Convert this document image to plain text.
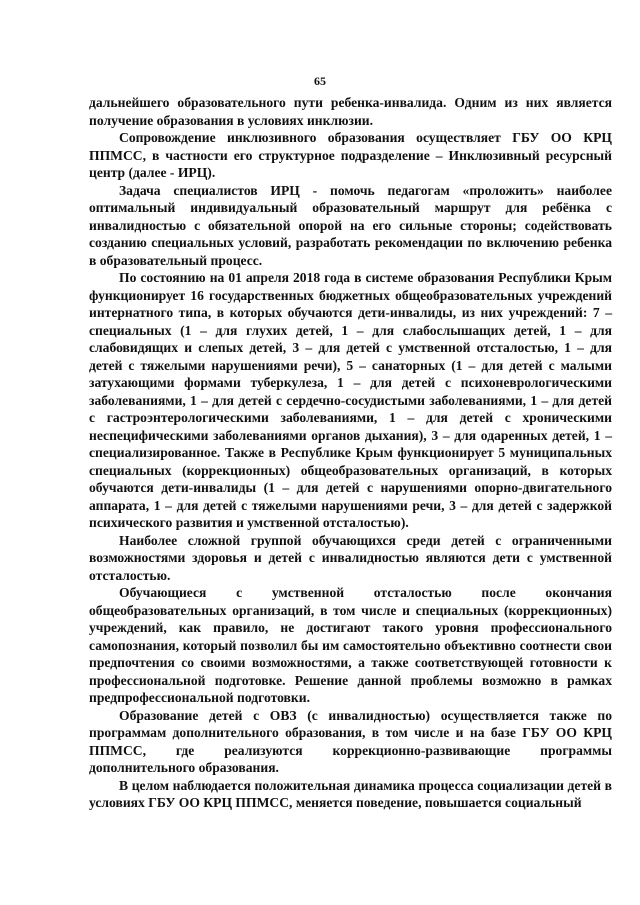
65

дальнейшего образовательного пути ребенка-инвалида. Одним из них является получение образования в условиях инклюзии.

Сопровождение инклюзивного образования осуществляет ГБУ ОО КРЦ ППМСС, в частности его структурное подразделение – Инклюзивный ресурсный центр (далее - ИРЦ).

Задача специалистов ИРЦ - помочь педагогам «проложить» наиболее оптимальный индивидуальный образовательный маршрут для ребёнка с инвалидностью с обязательной опорой на его сильные стороны; содействовать созданию специальных условий, разработать рекомендации по включению ребенка в образовательный процесс.

По состоянию на 01 апреля 2018 года в системе образования Республики Крым функционирует 16 государственных бюджетных общеобразовательных учреждений интернатного типа, в которых обучаются дети-инвалиды, из них учреждений: 7 – специальных (1 – для глухих детей, 1 – для слабослышащих детей, 1 – для слабовидящих и слепых детей, 3 – для детей с умственной отсталостью, 1 – для детей с тяжелыми нарушениями речи), 5 – санаторных (1 – для детей с малыми затухающими формами туберкулеза, 1 – для детей с психоневрологическими заболеваниями, 1 – для детей с сердечно-сосудистыми заболеваниями, 1 – для детей с гастроэнтерологическими заболеваниями, 1 – для детей с хроническими неспецифическими заболеваниями органов дыхания), 3 – для одаренных детей, 1 – специализированное. Также в Республике Крым функционирует 5 муниципальных специальных (коррекционных) общеобразовательных организаций, в которых обучаются дети-инвалиды (1 – для детей с нарушениями опорно-двигательного аппарата, 1 – для детей с тяжелыми нарушениями речи, 3 – для детей с задержкой психического развития и умственной отсталостью).

Наиболее сложной группой обучающихся среди детей с ограниченными возможностями здоровья и детей с инвалидностью являются дети с умственной отсталостью.

Обучающиеся с умственной отсталостью после окончания общеобразовательных организаций, в том числе и специальных (коррекционных) учреждений, как правило, не достигают такого уровня профессионального самопознания, который позволил бы им самостоятельно объективно соотнести свои предпочтения со своими возможностями, а также соответствующей готовности к профессиональной подготовке. Решение данной проблемы возможно в рамках предпрофессиональной подготовки.

Образование детей с ОВЗ (с инвалидностью) осуществляется также по программам дополнительного образования, в том числе и на базе ГБУ ОО КРЦ ППМСС, где реализуются коррекционно-развивающие программы дополнительного образования.

В целом наблюдается положительная динамика процесса социализации детей в условиях ГБУ ОО КРЦ ППМСС, меняется поведение, повышается социальный
